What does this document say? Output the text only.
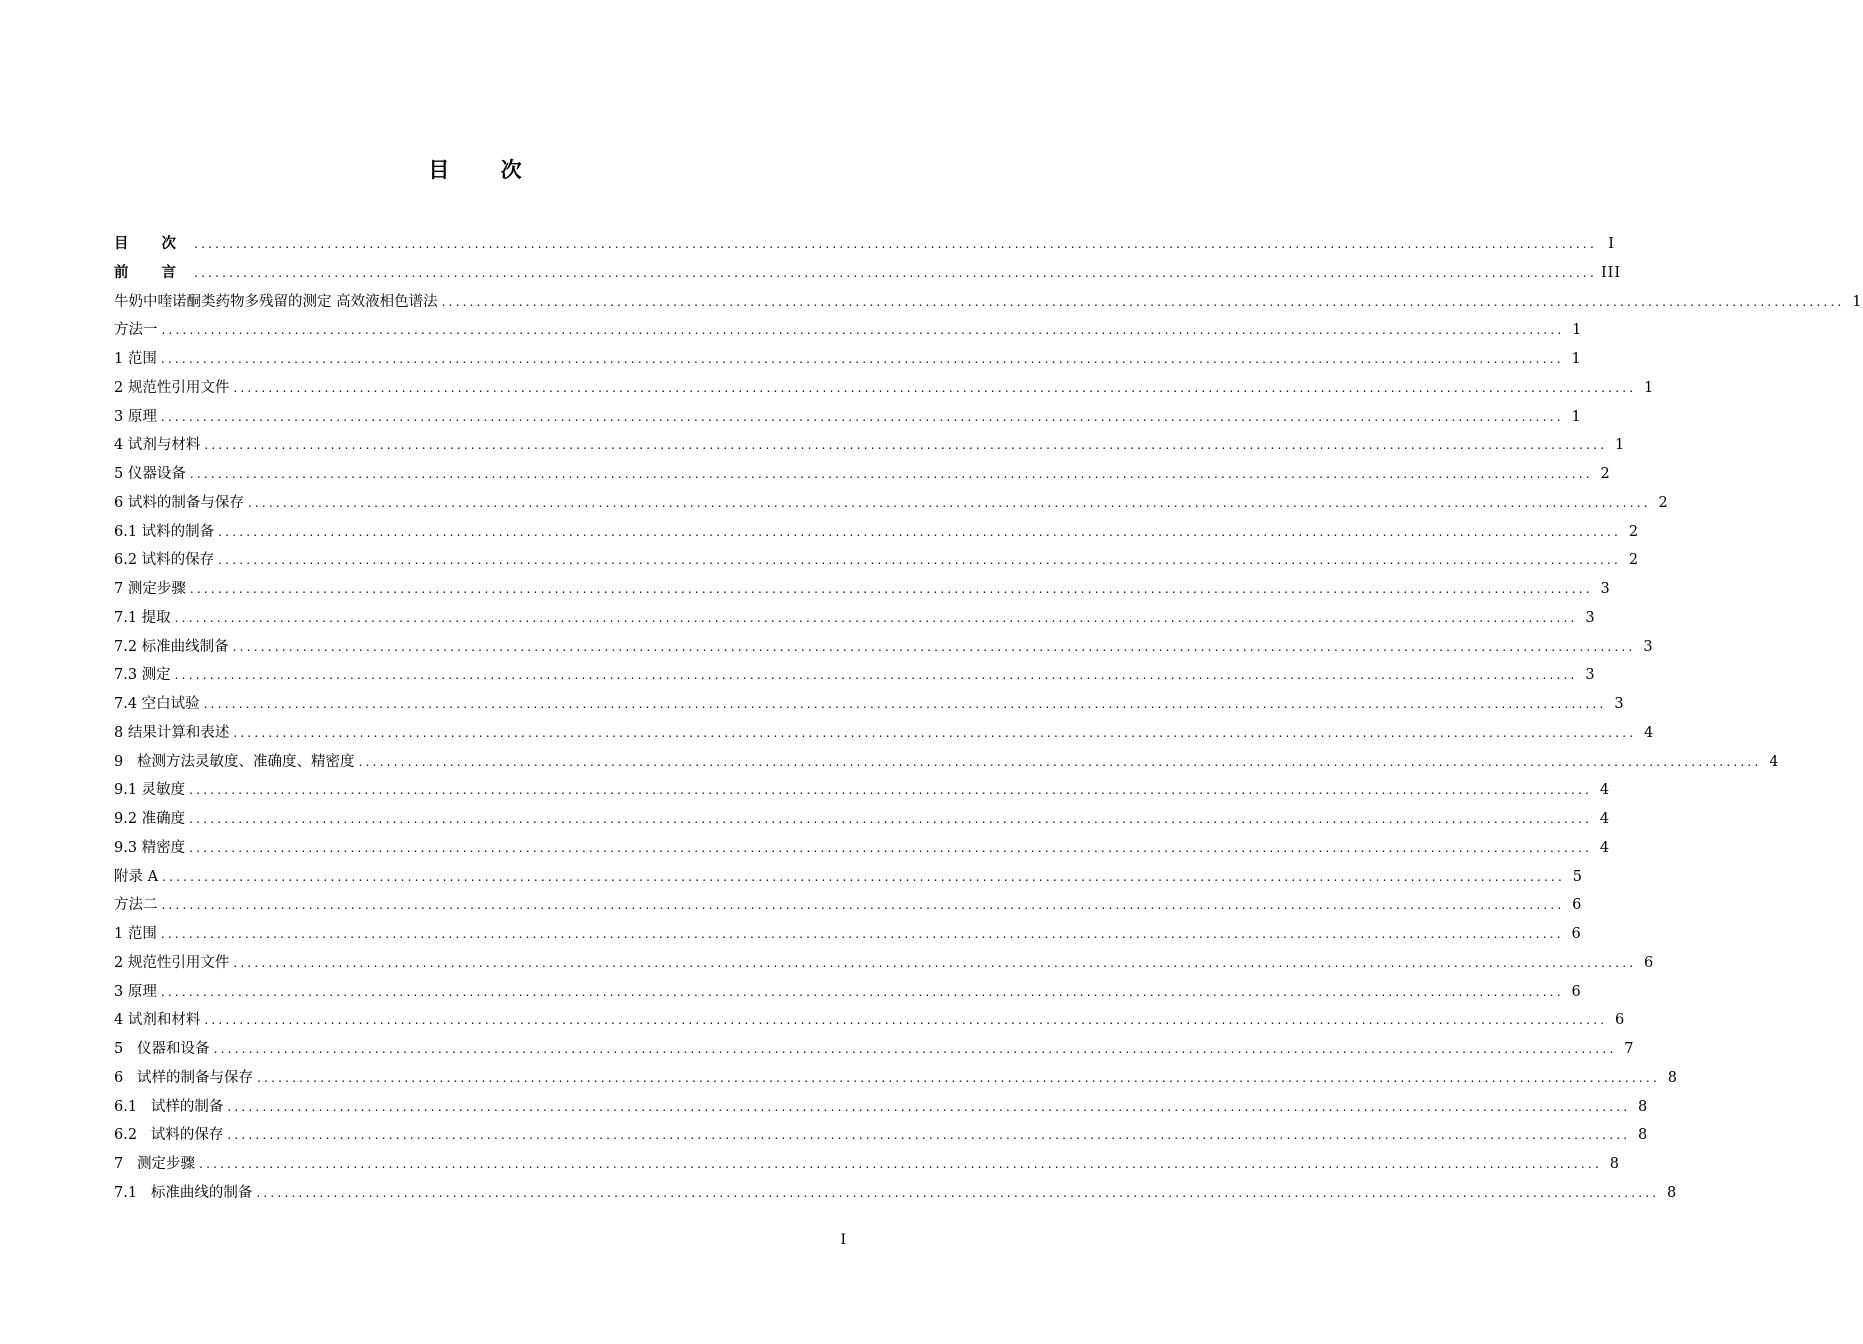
目 次
目 次 ........................................................................................................................................................................................................ I
前 言 ........................................................................................................................................................................................................ III
牛奶中喹诺酮类药物多残留的测定 高效液相色谱法 ........................................................................................................................................................................................................ 1
方法一 ........................................................................................................................................................................................................ 1
1 范围 ........................................................................................................................................................................................................ 1
2 规范性引用文件 ........................................................................................................................................................................................................ 1
3 原理 ........................................................................................................................................................................................................ 1
4 试剂与材料 ........................................................................................................................................................................................................ 1
5 仪器设备 ........................................................................................................................................................................................................ 2
6 试料的制备与保存 ........................................................................................................................................................................................................ 2
6.1 试料的制备 ........................................................................................................................................................................................................ 2
6.2 试料的保存 ........................................................................................................................................................................................................ 2
7 测定步骤 ........................................................................................................................................................................................................ 3
7.1 提取 ........................................................................................................................................................................................................ 3
7.2 标准曲线制备 ........................................................................................................................................................................................................ 3
7.3 测定 ........................................................................................................................................................................................................ 3
7.4 空白试验 ........................................................................................................................................................................................................ 3
8 结果计算和表述 ........................................................................................................................................................................................................ 4
9   检测方法灵敏度、准确度、精密度 ........................................................................................................................................................................................................ 4
9.1 灵敏度 ........................................................................................................................................................................................................ 4
9.2 准确度 ........................................................................................................................................................................................................ 4
9.3 精密度 ........................................................................................................................................................................................................ 4
附录 A ........................................................................................................................................................................................................ 5
方法二 ........................................................................................................................................................................................................ 6
1 范围 ........................................................................................................................................................................................................ 6
2 规范性引用文件 ........................................................................................................................................................................................................ 6
3 原理 ........................................................................................................................................................................................................ 6
4 试剂和材料 ........................................................................................................................................................................................................ 6
5   仪器和设备 ........................................................................................................................................................................................................ 7
6   试样的制备与保存 ........................................................................................................................................................................................................ 8
6.1   试样的制备 ........................................................................................................................................................................................................ 8
6.2   试料的保存 ........................................................................................................................................................................................................ 8
7   测定步骤 ........................................................................................................................................................................................................ 8
7.1   标准曲线的制备 ........................................................................................................................................................................................................ 8
I
